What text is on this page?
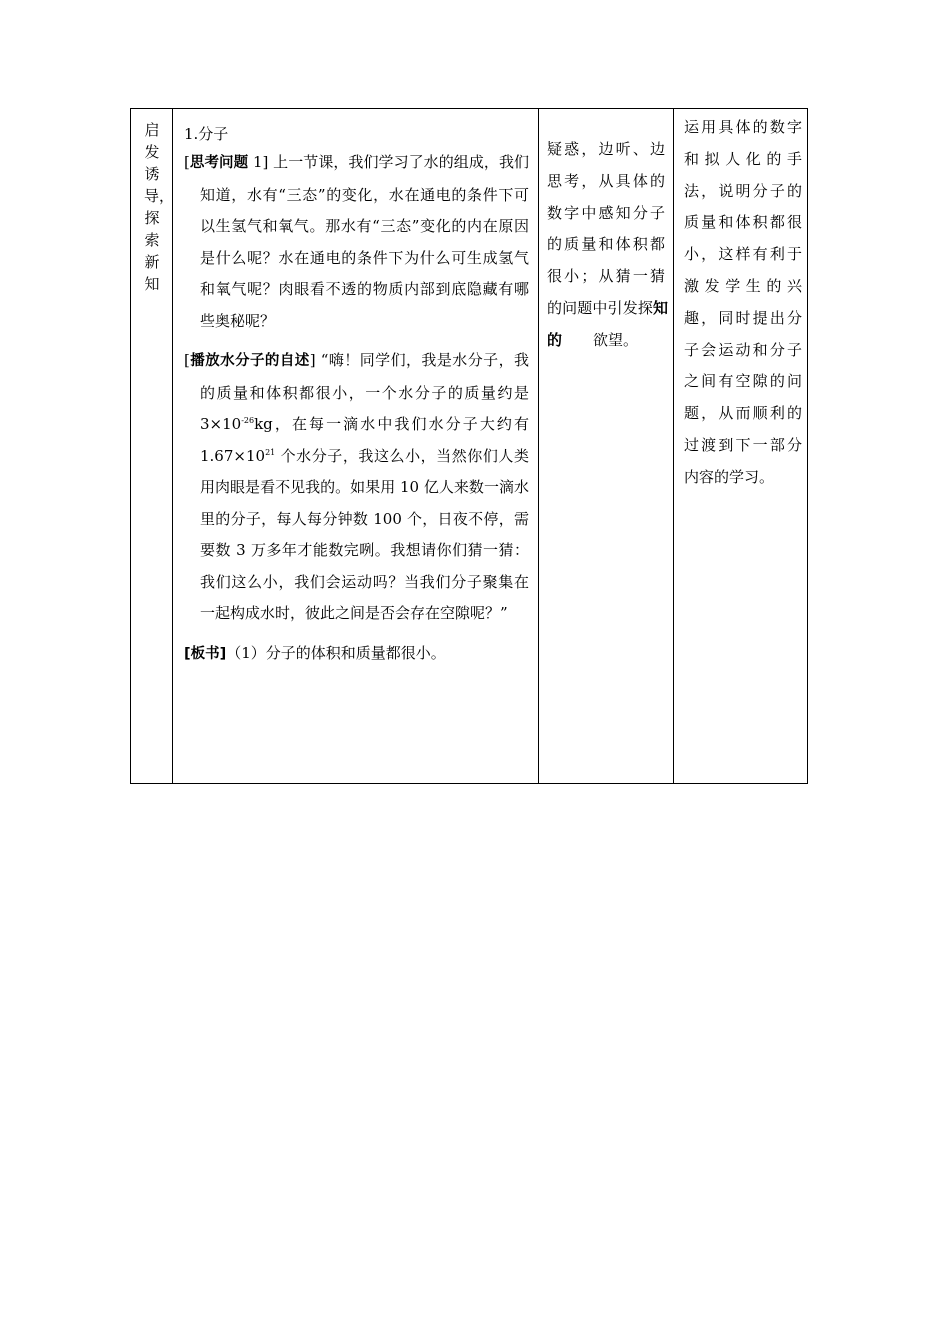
启发诱导，探索新知

1.分子

[思考问题 1] 上一节课，我们学习了水的组成，我们知道，水有“三态”的变化，水在通电的条件下可以生氢气和氧气。那水有“三态”变化的内在原因是什么呢？水在通电的条件下为什么可生成氢气和氧气呢？肉眼看不透的物质内部到底隐藏有哪些奥秘呢？

[播放水分子的自述] “嗨！同学们，我是水分子，我的质量和体积都很小，一个水分子的质量约是 $3\times 10^{-26}kg$，在每一滴水中我们水分子大约有 $1.67\times 10^{21}$ 个水分子，我这么小，当然你们人类用肉眼是看不见我的。如果用 10 亿人来数一滴水里的分子，每人每分钟数 100 个，日夜不停，需要数 3 万多年才能数完咧。我想请你们猜一猜：我们这么小，我们会运动吗？当我们分子聚集在一起构成水时，彼此之间是否会存在空隙呢？”

[板书]（1）分子的体积和质量都很小。

疑惑，边听、边思考，从具体的数字中感知分子的质量和体积都很小；从猜一猜的问题中引发探知的 欲望。

运用具体的数字和拟人化的手法，说明分子的质量和体积都很小，这样有利于激发学生的兴趣，同时提出分子会运动和分子之间有空隙的问题，从而顺利的过渡到下一部分内容的学习。
